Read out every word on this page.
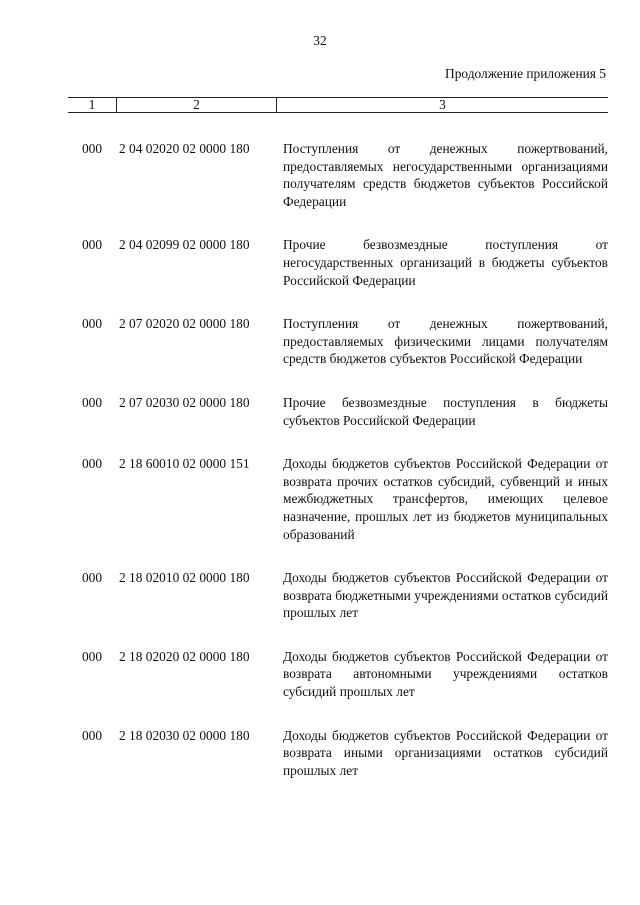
32
Продолжение приложения 5
1	2	3
000	2 04 02020 02 0000 180	Поступления от денежных пожертвований, предоставляемых негосударственными организациями получателям средств бюджетов субъектов Российской Федерации
000	2 04 02099 02 0000 180	Прочие безвозмездные поступления от негосударственных организаций в бюджеты субъектов Российской Федерации
000	2 07 02020 02 0000 180	Поступления от денежных пожертвований, предоставляемых физическими лицами получателям средств бюджетов субъектов Российской Федерации
000	2 07 02030 02 0000 180	Прочие безвозмездные поступления в бюджеты субъектов Российской Федерации
000	2 18 60010 02 0000 151	Доходы бюджетов субъектов Российской Федерации от возврата прочих остатков субсидий, субвенций и иных межбюджетных трансфертов, имеющих целевое назначение, прошлых лет из бюджетов муниципальных образований
000	2 18 02010 02 0000 180	Доходы бюджетов субъектов Российской Федерации от возврата бюджетными учреждениями остатков субсидий прошлых лет
000	2 18 02020 02 0000 180	Доходы бюджетов субъектов Российской Федерации от возврата автономными учреждениями остатков субсидий прошлых лет
000	2 18 02030 02 0000 180	Доходы бюджетов субъектов Российской Федерации от возврата иными организациями остатков субсидий прошлых лет
